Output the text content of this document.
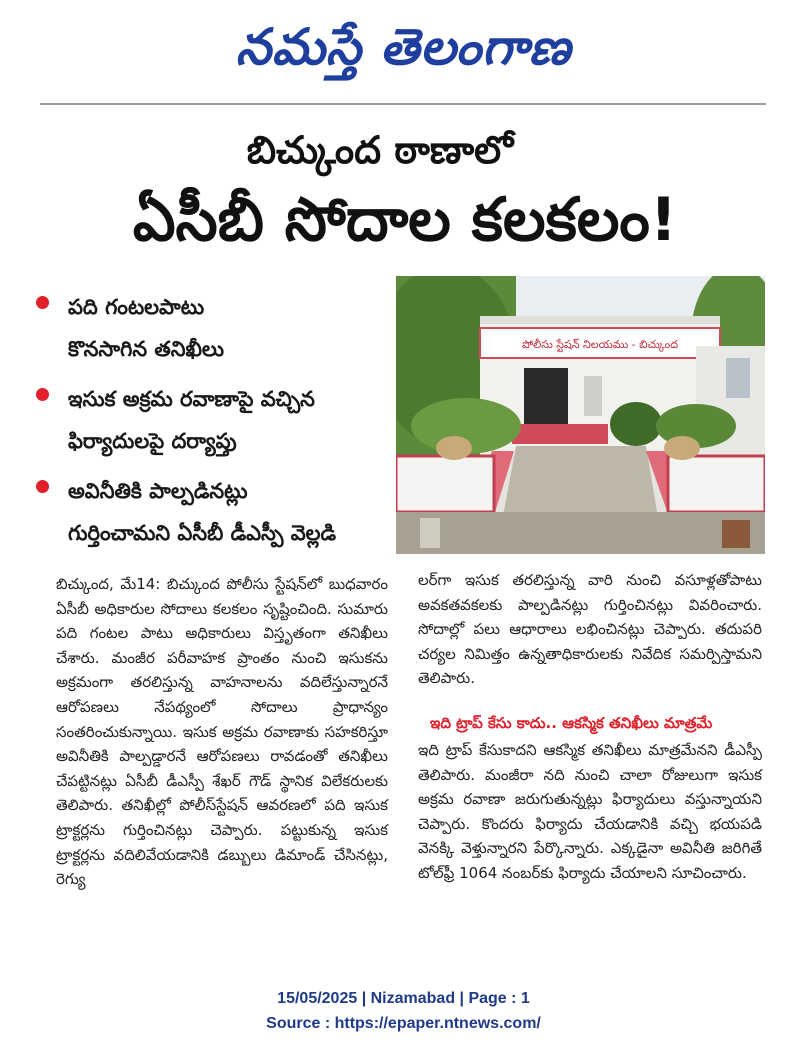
నమస్తే తెలంగాణ
బిచ్కుంద ఠాణాలో
ఏసీబీ సోదాల కలకలం!
పది గంటలపాటు
కొనసాగిన తనిఖీలు
ఇసుక అక్రమ రవాణాపై వచ్చిన
ఫిర్యాదులపై దర్యాప్తు
అవినీతికి పాల్పడినట్లు
గుర్తించామని ఏసీబీ డీఎస్పీ వెల్లడి
పోలీసు స్టేషన్ నిలయము - బిచ్కుంద

బిచ్కుంద, మే14: బిచ్కుంద పోలీసు స్టేషన్‌లో బుధవారం ఏసీబీ అధికారుల సోదాలు కలకలం సృష్టించింది. సుమారు పది గంటల పాటు అధికారులు విస్తృతంగా తనిఖీలు చేశారు. మంజీర పరీవాహక ప్రాంతం నుంచి ఇసుకను అక్రమంగా తరలిస్తున్న వాహనాలను వదిలేస్తున్నారనే ఆరోపణలు నేపథ్యంలో సోదాలు ప్రాధాన్యం సంతరించుకున్నాయి. ఇసుక అక్రమ రవాణాకు సహకరిస్తూ అవినీతికి పాల్పడ్డారనే ఆరోపణలు రావడంతో తనిఖీలు చేపట్టినట్లు ఏసీబీ డీఎస్పీ శేఖర్ గౌడ్ స్థానిక విలేకరులకు తెలిపారు. తనిఖీల్లో పోలీస్‌స్టేషన్ ఆవరణలో పది ఇసుక ట్రాక్టర్లను గుర్తించినట్లు చెప్పారు. పట్టుకున్న ఇసుక ట్రాక్టర్లను వదిలివేయడానికి డబ్బులు డిమాండ్ చేసినట్లు, రెగ్యు

లర్‌గా ఇసుక తరలిస్తున్న వారి నుంచి వసూళ్లతోపాటు అవకతవకలకు పాల్పడినట్లు గుర్తించినట్లు వివరించారు. సోదాల్లో పలు ఆధారాలు లభించినట్లు చెప్పారు. తదుపరి చర్యల నిమిత్తం ఉన్నతాధికారులకు నివేదిక సమర్పిస్తామని తెలిపారు.

ఇది ట్రాప్ కేసు కాదు.. ఆకస్మిక తనిఖీలు మాత్రమే

ఇది ట్రాప్ కేసుకాదని ఆకస్మిక తనిఖీలు మాత్రమేనని డీఎస్పీ తెలిపారు. మంజీరా నది నుంచి చాలా రోజులుగా ఇసుక అక్రమ రవాణా జరుగుతున్నట్లు ఫిర్యాదులు వస్తున్నాయని చెప్పారు. కొందరు ఫిర్యాదు చేయడానికి వచ్చి భయపడి వెనక్కి వెళ్తున్నారని పేర్కొన్నారు. ఎక్కడైనా అవినీతి జరిగితే టోల్‌ఫ్రీ 1064 నంబర్‌కు ఫిర్యాదు చేయాలని సూచించారు.

15/05/2025 | Nizamabad | Page : 1
Source : https://epaper.ntnews.com/
